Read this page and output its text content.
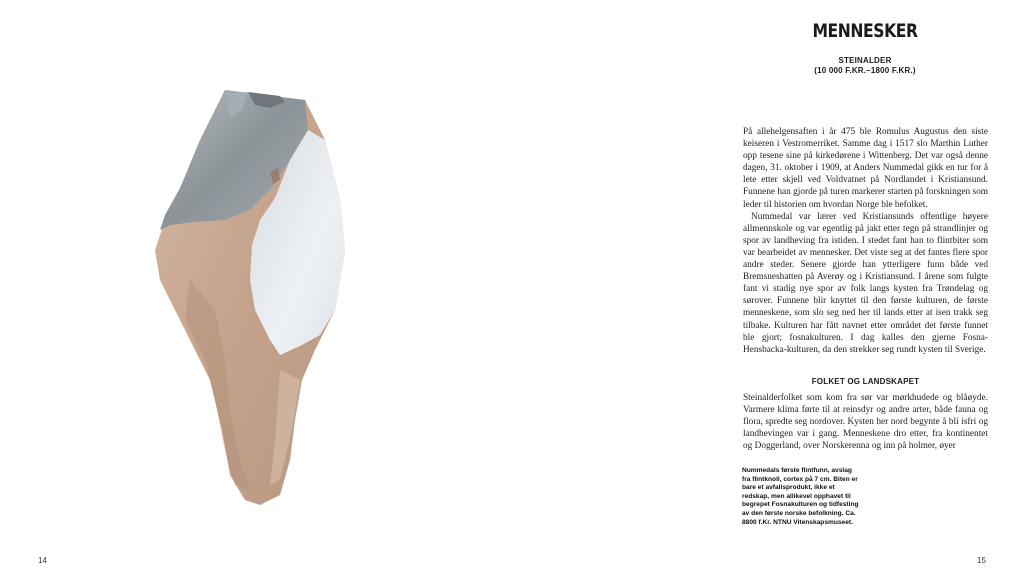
14
MENNESKER
STEINALDER
(10 000 F.KR.–1800 F.KR.)

På allehelgensaften i år 475 ble Romulus Augustus den siste keiseren i Vestromerriket. Samme dag i 1517 slo Marthin Luther opp tesene sine på kirkedørene i Wittenberg. Det var også denne dagen, 31. oktober i 1909, at Anders Nummedal gikk en tur for å lete etter skjell ved Voldvatnet på Nordlandet i Kristiansund. Funnene han gjorde på turen markerer starten på forskningen som leder til historien om hvordan Norge ble befolket.

Nummedal var lærer ved Kristiansunds offentlige høyere allmennskole og var egentlig på jakt etter tegn på strandlinjer og spor av landheving fra istiden. I stedet fant han to flintbiter som var bearbeidet av mennesker. Det viste seg at det fantes flere spor andre steder. Senere gjorde han ytterligere funn både ved Bremsneshatten på Averøy og i Kristiansund. I årene som fulgte fant vi stadig nye spor av folk langs kysten fra Trøndelag og sørover. Funnene blir knyttet til den første kulturen, de første menneskene, som slo seg ned her til lands etter at isen trakk seg tilbake. Kulturen har fått navnet etter området det første funnet ble gjort; fosnakulturen. I dag kalles den gjerne Fosna-Hensbacka-kulturen, da den strekker seg rundt kysten til Sverige.

FOLKET OG LANDSKAPET

Steinalderfolket som kom fra sør var mørkhudede og blåøyde. Varmere klima førte til at reinsdyr og andre arter, både fauna og flora, spredte seg nordover. Kysten her nord begynte å bli isfri og landhevingen var i gang. Menneskene dro etter, fra kontinentet og Doggerland, over Norskerenna og inn på holmer, øyer

Nummedals første flintfunn, avslag fra flintknoll, cortex på 7 cm. Biten er bare et avfallsprodukt, ikke et redskap, men allikevel opphavet til begrepet Fosnakulturen og tidfesting av den første norske befolkning. Ca. 8800 f.Kr. NTNU Vitenskapsmuseet.
15
